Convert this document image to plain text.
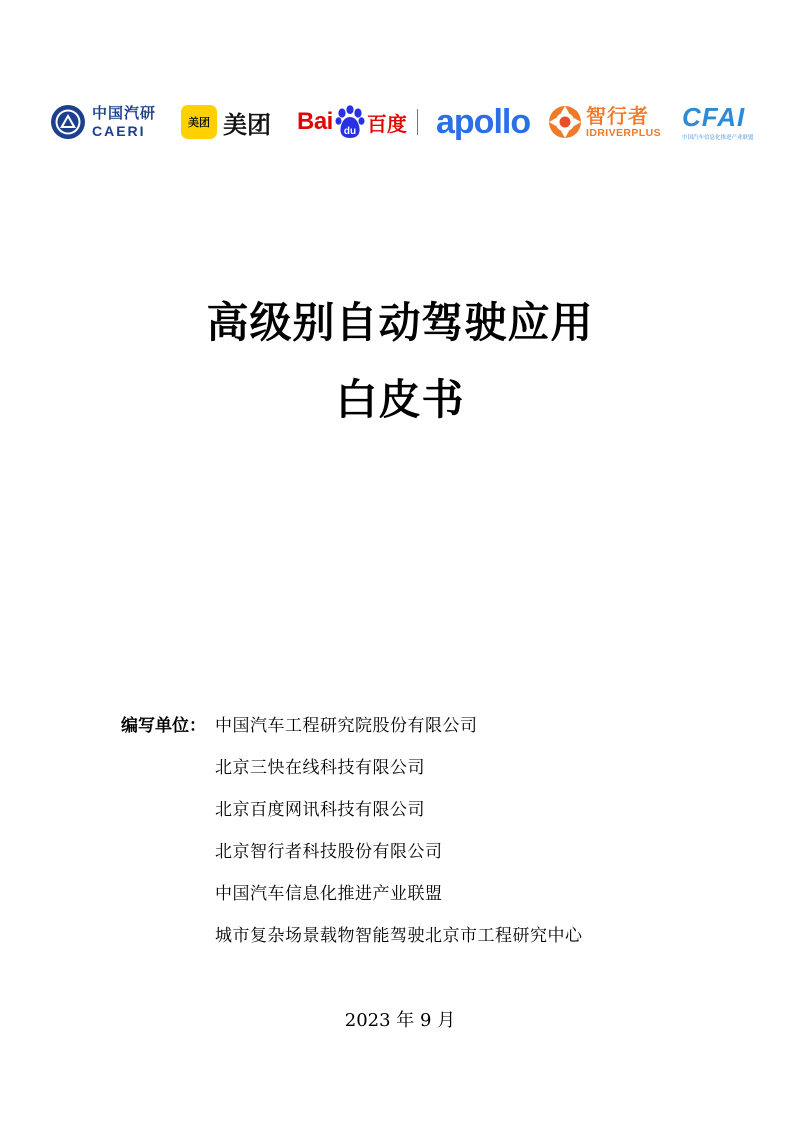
中国汽研
CAERI
美团 美团 Bai du 百度 apollo	智行者
IDRIVERPLUS
CFAI
中国汽车信息化推进产业联盟
高级别自动驾驶应用
白皮书
编写单位： 中国汽车工程研究院股份有限公司
北京三快在线科技有限公司
北京百度网讯科技有限公司
北京智行者科技股份有限公司
中国汽车信息化推进产业联盟
城市复杂场景载物智能驾驶北京市工程研究中心
2023 年 9 月
